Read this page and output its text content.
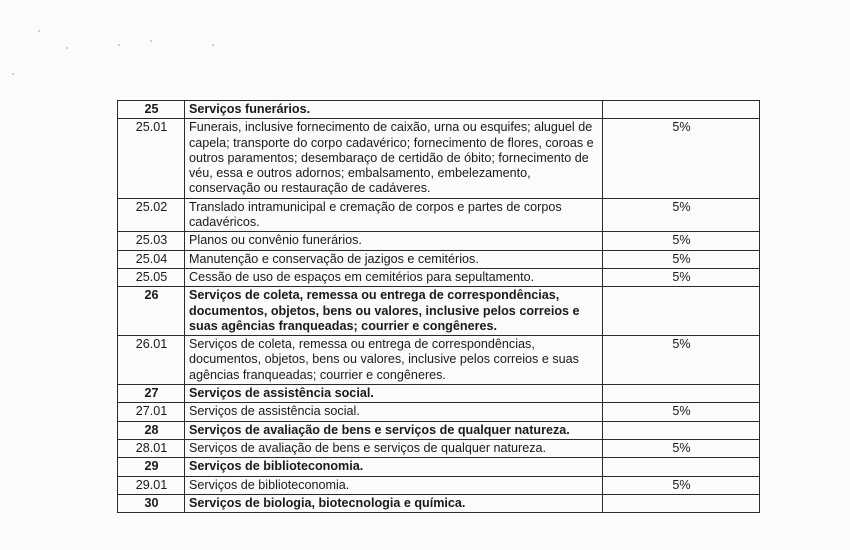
25	Serviços funerários.	
25.01	Funerais, inclusive fornecimento de caixão, urna ou esquifes; aluguel de capela; transporte do corpo cadavérico; fornecimento de flores, coroas e outros paramentos; desembaraço de certidão de óbito; fornecimento de véu, essa e outros adornos; embalsamento, embelezamento, conservação ou restauração de cadáveres.	5%
25.02	Translado intramunicipal e cremação de corpos e partes de corpos cadavéricos.	5%
25.03	Planos ou convênio funerários.	5%
25.04	Manutenção e conservação de jazigos e cemitérios.	5%
25.05	Cessão de uso de espaços em cemitérios para sepultamento.	5%
26	Serviços de coleta, remessa ou entrega de correspondências, documentos, objetos, bens ou valores, inclusive pelos correios e suas agências franqueadas; courrier e congêneres.	
26.01	Serviços de coleta, remessa ou entrega de correspondências, documentos, objetos, bens ou valores, inclusive pelos correios e suas agências franqueadas; courrier e congêneres.	5%
27	Serviços de assistência social.	
27.01	Serviços de assistência social.	5%
28	Serviços de avaliação de bens e serviços de qualquer natureza.	
28.01	Serviços de avaliação de bens e serviços de qualquer natureza.	5%
29	Serviços de biblioteconomia.	
29.01	Serviços de biblioteconomia.	5%
30	Serviços de biologia, biotecnologia e química.	
